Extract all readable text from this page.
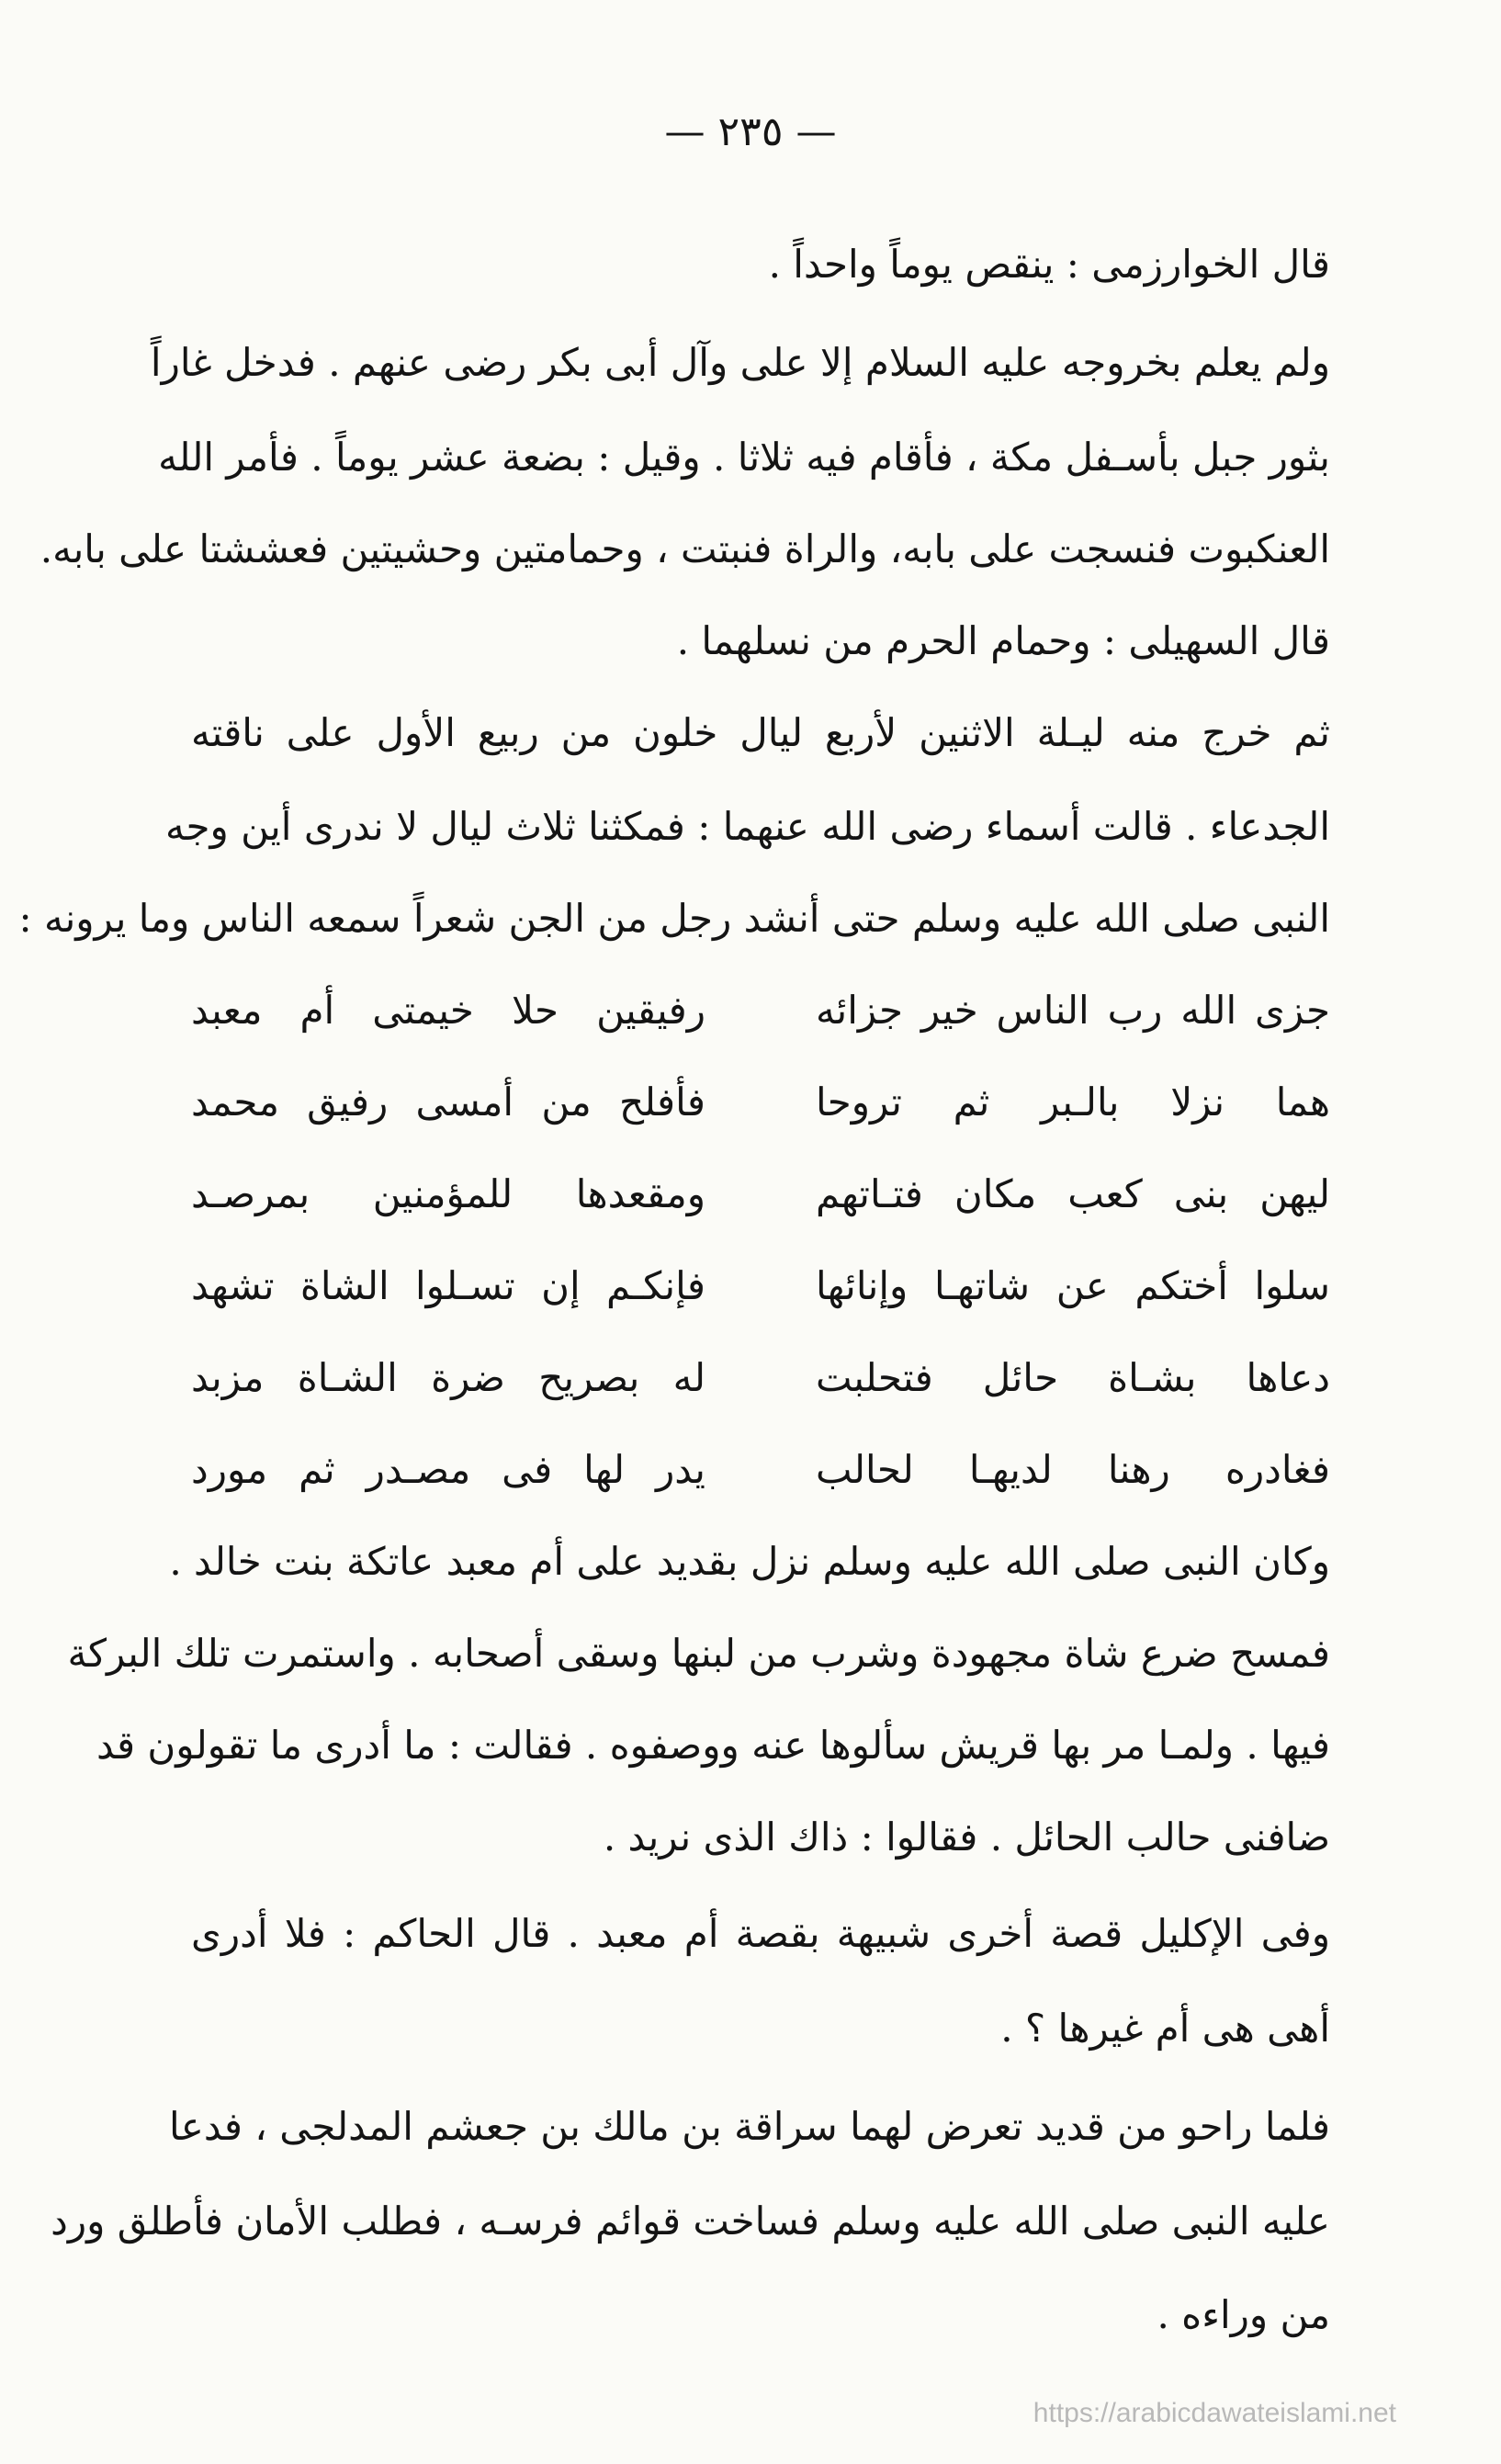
— ٢٣٥ —
قال الخوارزمى : ينقص يوماً واحداً .
ولم يعلم بخروجه عليه السلام إلا على وآل أبى بكر رضى عنهم . فدخل غاراً
بثور جبل بأسـفل مكة ، فأقام فيه ثلاثا . وقيل : بضعة عشر يوماً . فأمر الله
العنكبوت فنسجت على بابه، والراة فنبتت ، وحمامتين وحشيتين فعششتا على بابه.
قال السهيلى : وحمام الحرم من نسلهما .
ثم خرج منه ليـلة الاثنين لأربع ليال خلون من ربيع الأول على ناقته
الجدعاء . قالت أسماء رضى الله عنهما : فمكثنا ثلاث ليال لا ندرى أين وجه
النبى صلى الله عليه وسلم حتى أنشد رجل من الجن شعراً سمعه الناس وما يرونه :
جزى الله رب الناس خير جزائه
رفيقين حلا خيمتى أم معبد
هما نزلا بالـبر ثم تروحا
فأفلح من أمسى رفيق محمد
ليهن بنى كعب مكان فتـاتهم
ومقعدها للمؤمنين بمرصـد
سلوا أختكم عن شاتهـا وإنائها
فإنكـم إن تسـلوا الشاة تشهد
دعاها بشـاة حائل فتحلبت
له بصريح ضرة الشـاة مزبد
فغادره رهنا لديهـا لحالب
يدر لها فى مصـدر ثم مورد
وكان النبى صلى الله عليه وسلم نزل بقديد على أم معبد عاتكة بنت خالد .
فمسح ضرع شاة مجهودة وشرب من لبنها وسقى أصحابه . واستمرت تلك البركة
فيها . ولمـا مر بها قريش سألوها عنه ووصفوه . فقالت : ما أدرى ما تقولون قد
ضافنى حالب الحائل . فقالوا : ذاك الذى نريد .
وفى الإكليل قصة أخرى شبيهة بقصة أم معبد . قال الحاكم : فلا أدرى
أهى هى أم غيرها ؟ .
فلما راحو من قديد تعرض لهما سراقة بن مالك بن جعشم المدلجى ، فدعا
عليه النبى صلى الله عليه وسلم فساخت قوائم فرسـه ، فطلب الأمان فأطلق ورد
من وراءه .
https://arabicdawateislami.net
